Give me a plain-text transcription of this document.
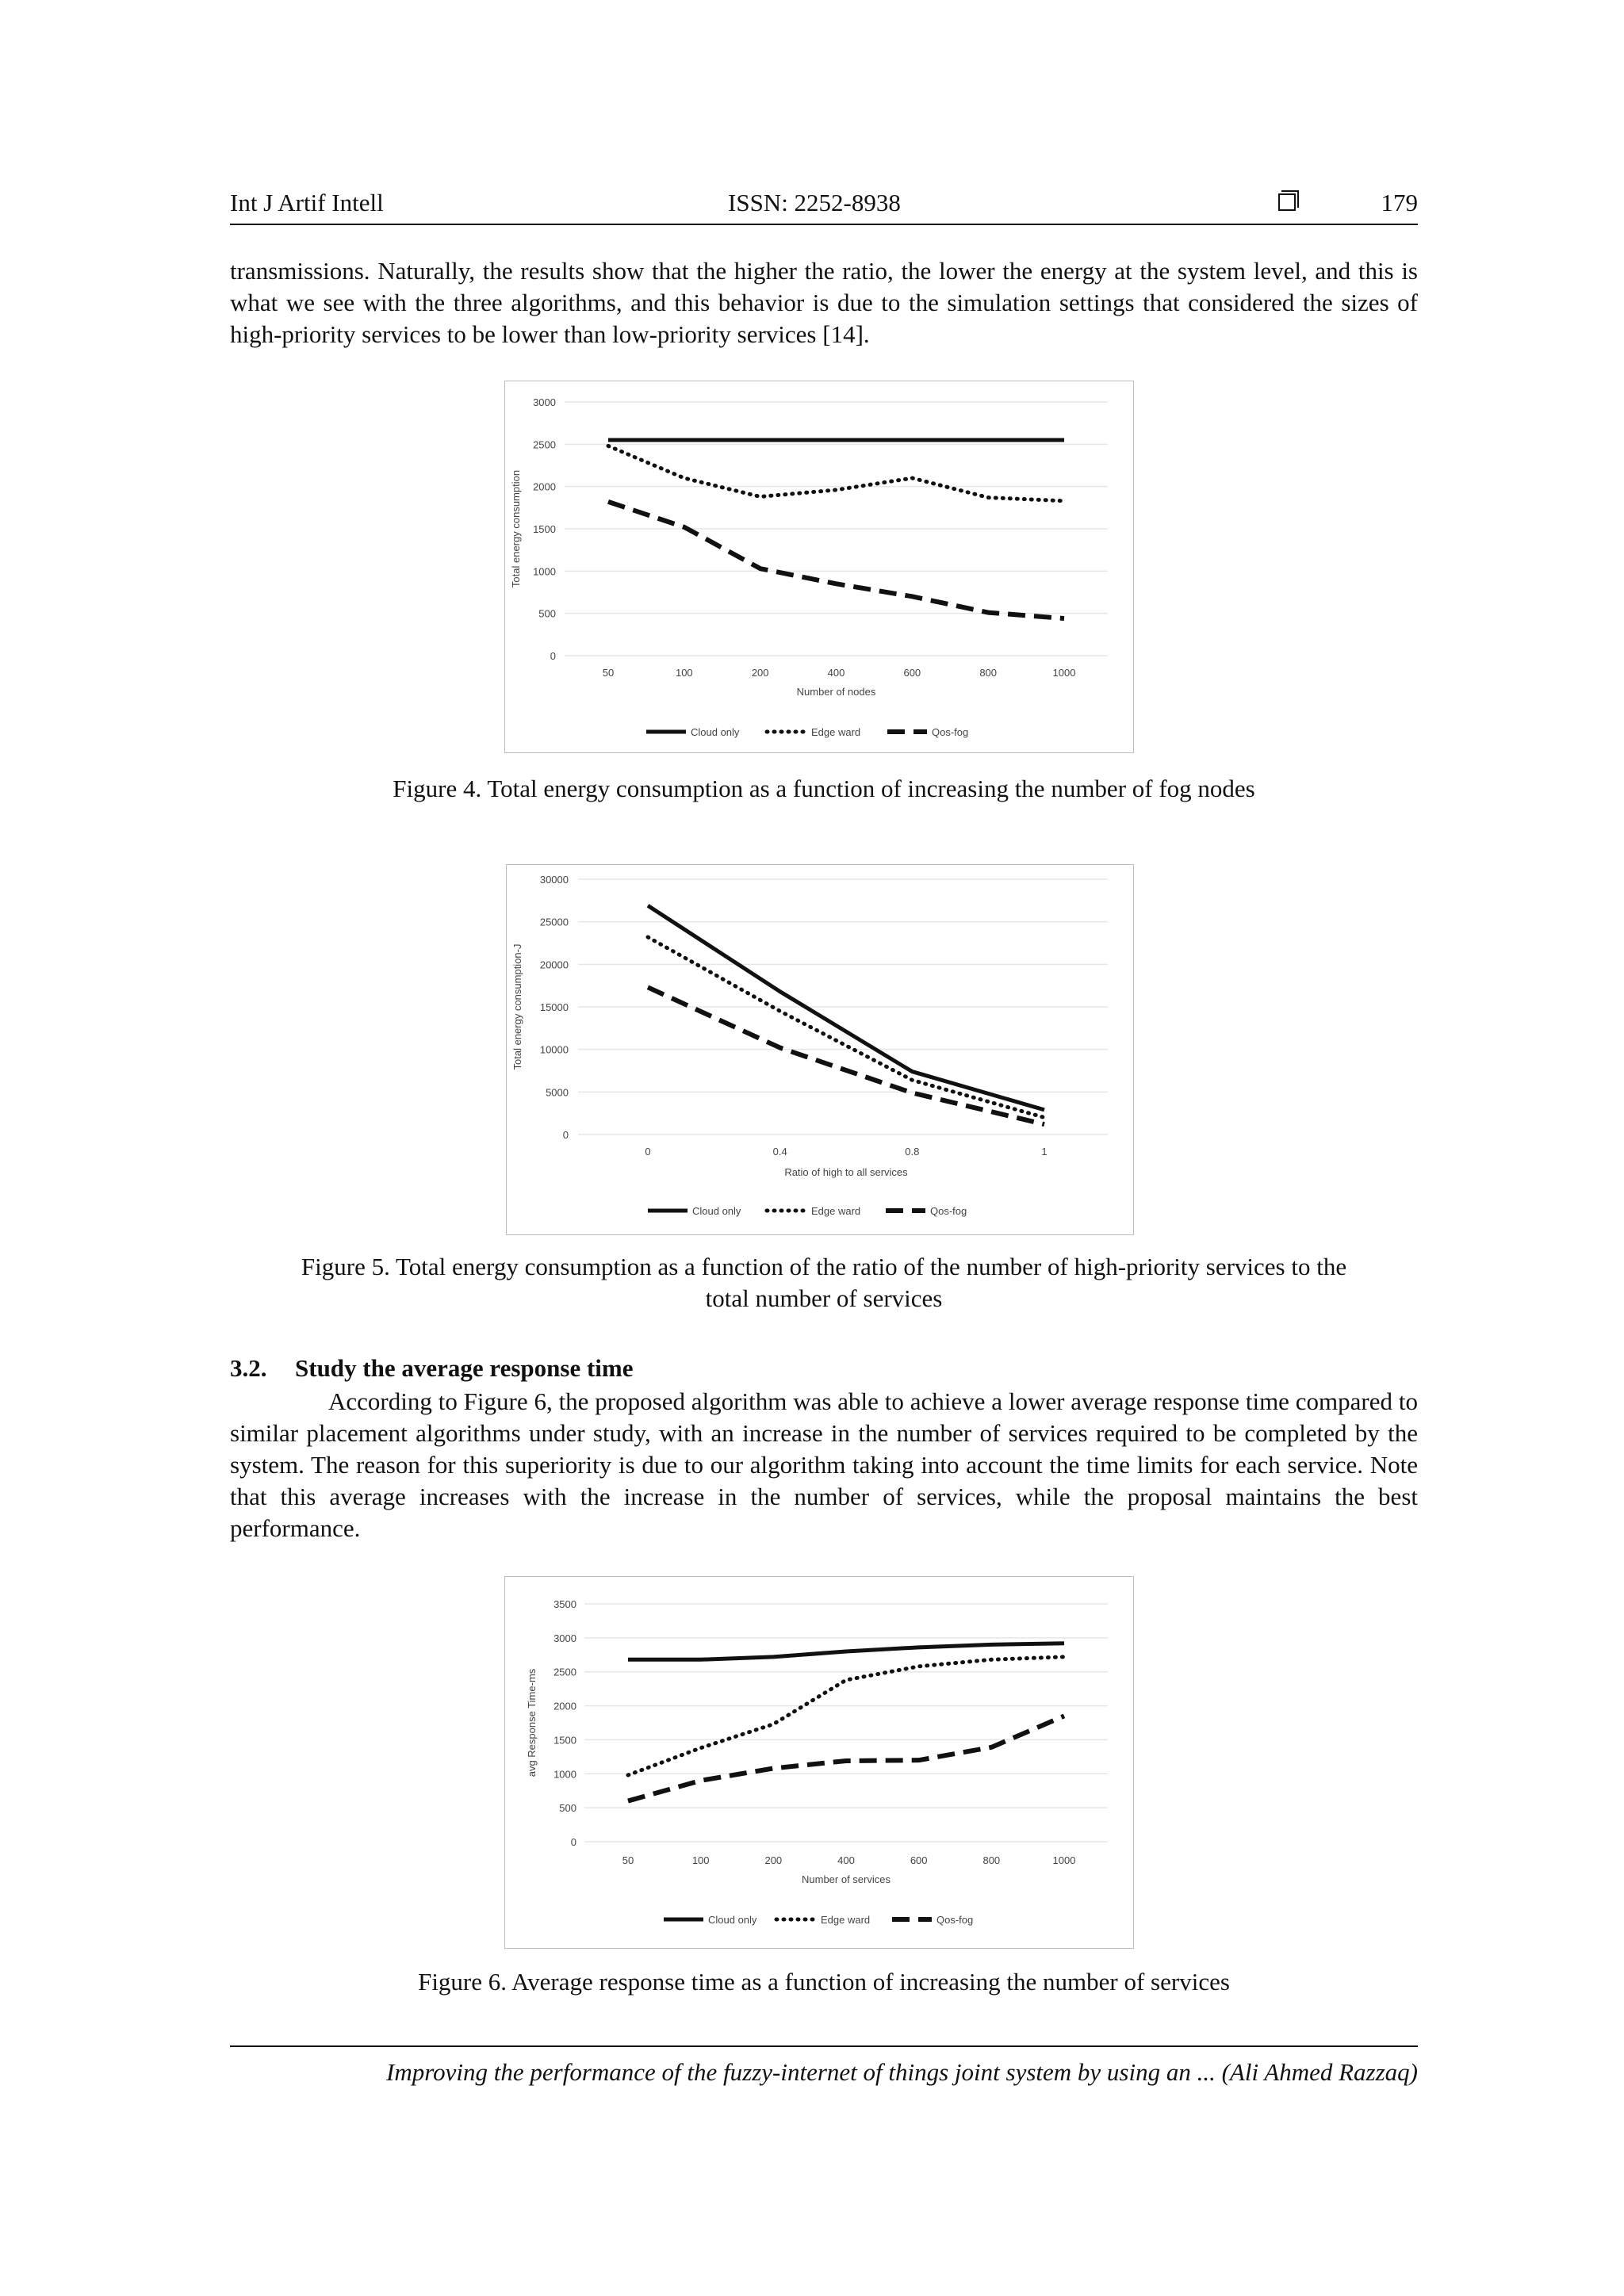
Int J Artif Intell	ISSN: 2252-8938	179

transmissions. Naturally, the results show that the higher the ratio, the lower the energy at the system level, and this is what we see with the three algorithms, and this behavior is due to the simulation settings that considered the sizes of high-priority services to be lower than low-priority services [14].

0
500
1000
1500
2000
2500
3000
50	100	200	400	600	800	1000
Number of nodes
Total energy consumption
Cloud only	Edge ward	Qos-fog

Figure 4. Total energy consumption as a function of increasing the number of fog nodes

0
5000
10000
15000
20000
25000
30000
0	0.4	0.8	1
Ratio of high to all services
Total energy consumption-J
Cloud only	Edge ward	Qos-fog

Figure 5. Total energy consumption as a function of the ratio of the number of high-priority services to the
total number of services

3.2. Study the average response time

According to Figure 6, the proposed algorithm was able to achieve a lower average response time compared to similar placement algorithms under study, with an increase in the number of services required to be completed by the system. The reason for this superiority is due to our algorithm taking into account the time limits for each service. Note that this average increases with the increase in the number of services, while the proposal maintains the best performance.

0
500
1000
1500
2000
2500
3000
3500
50	100	200	400	600	800	1000
Number of services
avg Response Time-ms
Cloud only	Edge ward	Qos-fog

Figure 6. Average response time as a function of increasing the number of services

Improving the performance of the fuzzy-internet of things joint system by using an ... (Ali Ahmed Razzaq)
